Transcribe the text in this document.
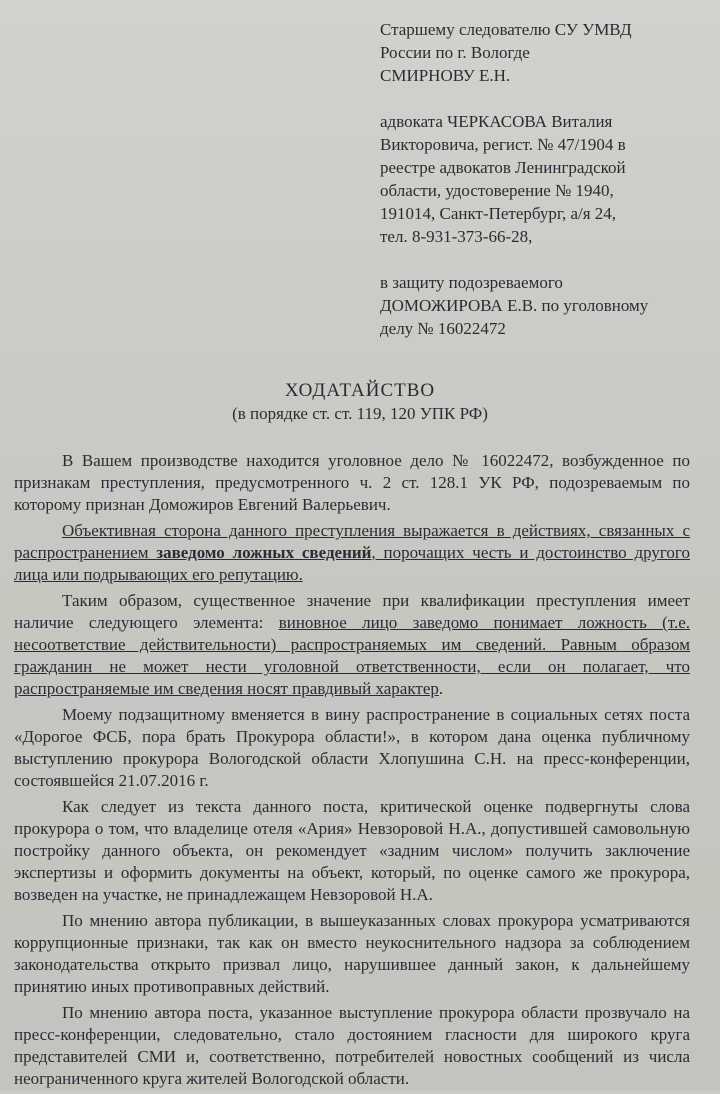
Старшему следователю СУ УМВД
России по г. Вологде
СМИРНОВУ Е.Н.
адвоката ЧЕРКАСОВА Виталия
Викторовича, регист. № 47/1904 в
реестре адвокатов Ленинградской
области, удостоверение № 1940,
191014, Санкт-Петербург, а/я 24,
тел. 8-931-373-66-28,
в защиту подозреваемого
ДОМОЖИРОВА Е.В. по уголовному
делу № 16022472
ХОДАТАЙСТВО
(в порядке ст. ст. 119, 120 УПК РФ)

В Вашем производстве находится уголовное дело № 16022472, возбужденное по признакам преступления, предусмотренного ч. 2 ст. 128.1 УК РФ, подозреваемым по которому признан Доможиров Евгений Валерьевич.

Объективная сторона данного преступления выражается в действиях, связанных с распространением заведомо ложных сведений, порочащих честь и достоинство другого лица или подрывающих его репутацию.

Таким образом, существенное значение при квалификации преступления имеет наличие следующего элемента: виновное лицо заведомо понимает ложность (т.е. несоответствие действительности) распространяемых им сведений. Равным образом гражданин не может нести уголовной ответственности, если он полагает, что распространяемые им сведения носят правдивый характер.

Моему подзащитному вменяется в вину распространение в социальных сетях поста «Дорогое ФСБ, пора брать Прокурора области!», в котором дана оценка публичному выступлению прокурора Вологодской области Хлопушина С.Н. на пресс-конференции, состоявшейся 21.07.2016 г.

Как следует из текста данного поста, критической оценке подвергнуты слова прокурора о том, что владелице отеля «Ария» Невзоровой Н.А., допустившей самовольную постройку данного объекта, он рекомендует «задним числом» получить заключение экспертизы и оформить документы на объект, который, по оценке самого же прокурора, возведен на участке, не принадлежащем Невзоровой Н.А.

По мнению автора публикации, в вышеуказанных словах прокурора усматриваются коррупционные признаки, так как он вместо неукоснительного надзора за соблюдением законодательства открыто призвал лицо, нарушившее данный закон, к дальнейшему принятию иных противоправных действий.

По мнению автора поста, указанное выступление прокурора области прозвучало на пресс-конференции, следовательно, стало достоянием гласности для широкого круга представителей СМИ и, соответственно, потребителей новостных сообщений из числа неограниченного круга жителей Вологодской области.
